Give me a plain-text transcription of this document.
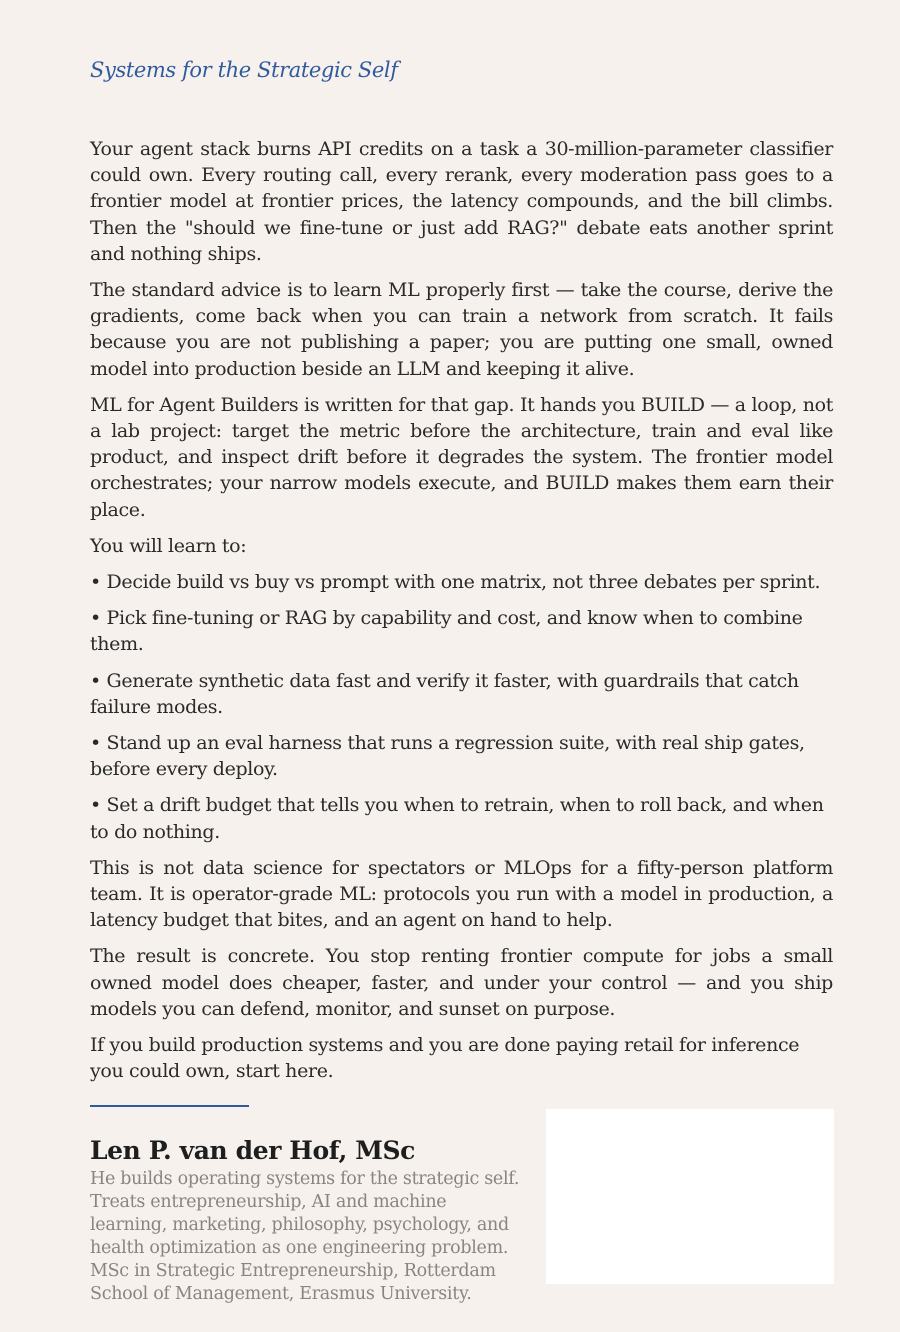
Systems for the Strategic Self

Your agent stack burns API credits on a task a 30-million-parameter classifier could own. Every routing call, every rerank, every moderation pass goes to a frontier model at frontier prices, the latency compounds, and the bill climbs. Then the "should we fine-tune or just add RAG?" debate eats another sprint and nothing ships.

The standard advice is to learn ML properly first — take the course, derive the gradients, come back when you can train a network from scratch. It fails because you are not publishing a paper; you are putting one small, owned model into production beside an LLM and keeping it alive.

ML for Agent Builders is written for that gap. It hands you BUILD — a loop, not a lab project: target the metric before the architecture, train and eval like product, and inspect drift before it degrades the system. The frontier model orchestrates; your narrow models execute, and BUILD makes them earn their place.

You will learn to:

• Decide build vs buy vs prompt with one matrix, not three debates per sprint.

• Pick fine-tuning or RAG by capability and cost, and know when to combine them.

• Generate synthetic data fast and verify it faster, with guardrails that catch failure modes.

• Stand up an eval harness that runs a regression suite, with real ship gates, before every deploy.

• Set a drift budget that tells you when to retrain, when to roll back, and when to do nothing.

This is not data science for spectators or MLOps for a fifty-person platform team. It is operator-grade ML: protocols you run with a model in production, a latency budget that bites, and an agent on hand to help.

The result is concrete. You stop renting frontier compute for jobs a small owned model does cheaper, faster, and under your control — and you ship models you can defend, monitor, and sunset on purpose.

If you build production systems and you are done paying retail for inference you could own, start here.

Len P. van der Hof, MSc
He builds operating systems for the strategic self. Treats entrepreneurship, AI and machine learning, marketing, philosophy, psychology, and health optimization as one engineering problem. MSc in Strategic Entrepreneurship, Rotterdam School of Management, Erasmus University.
